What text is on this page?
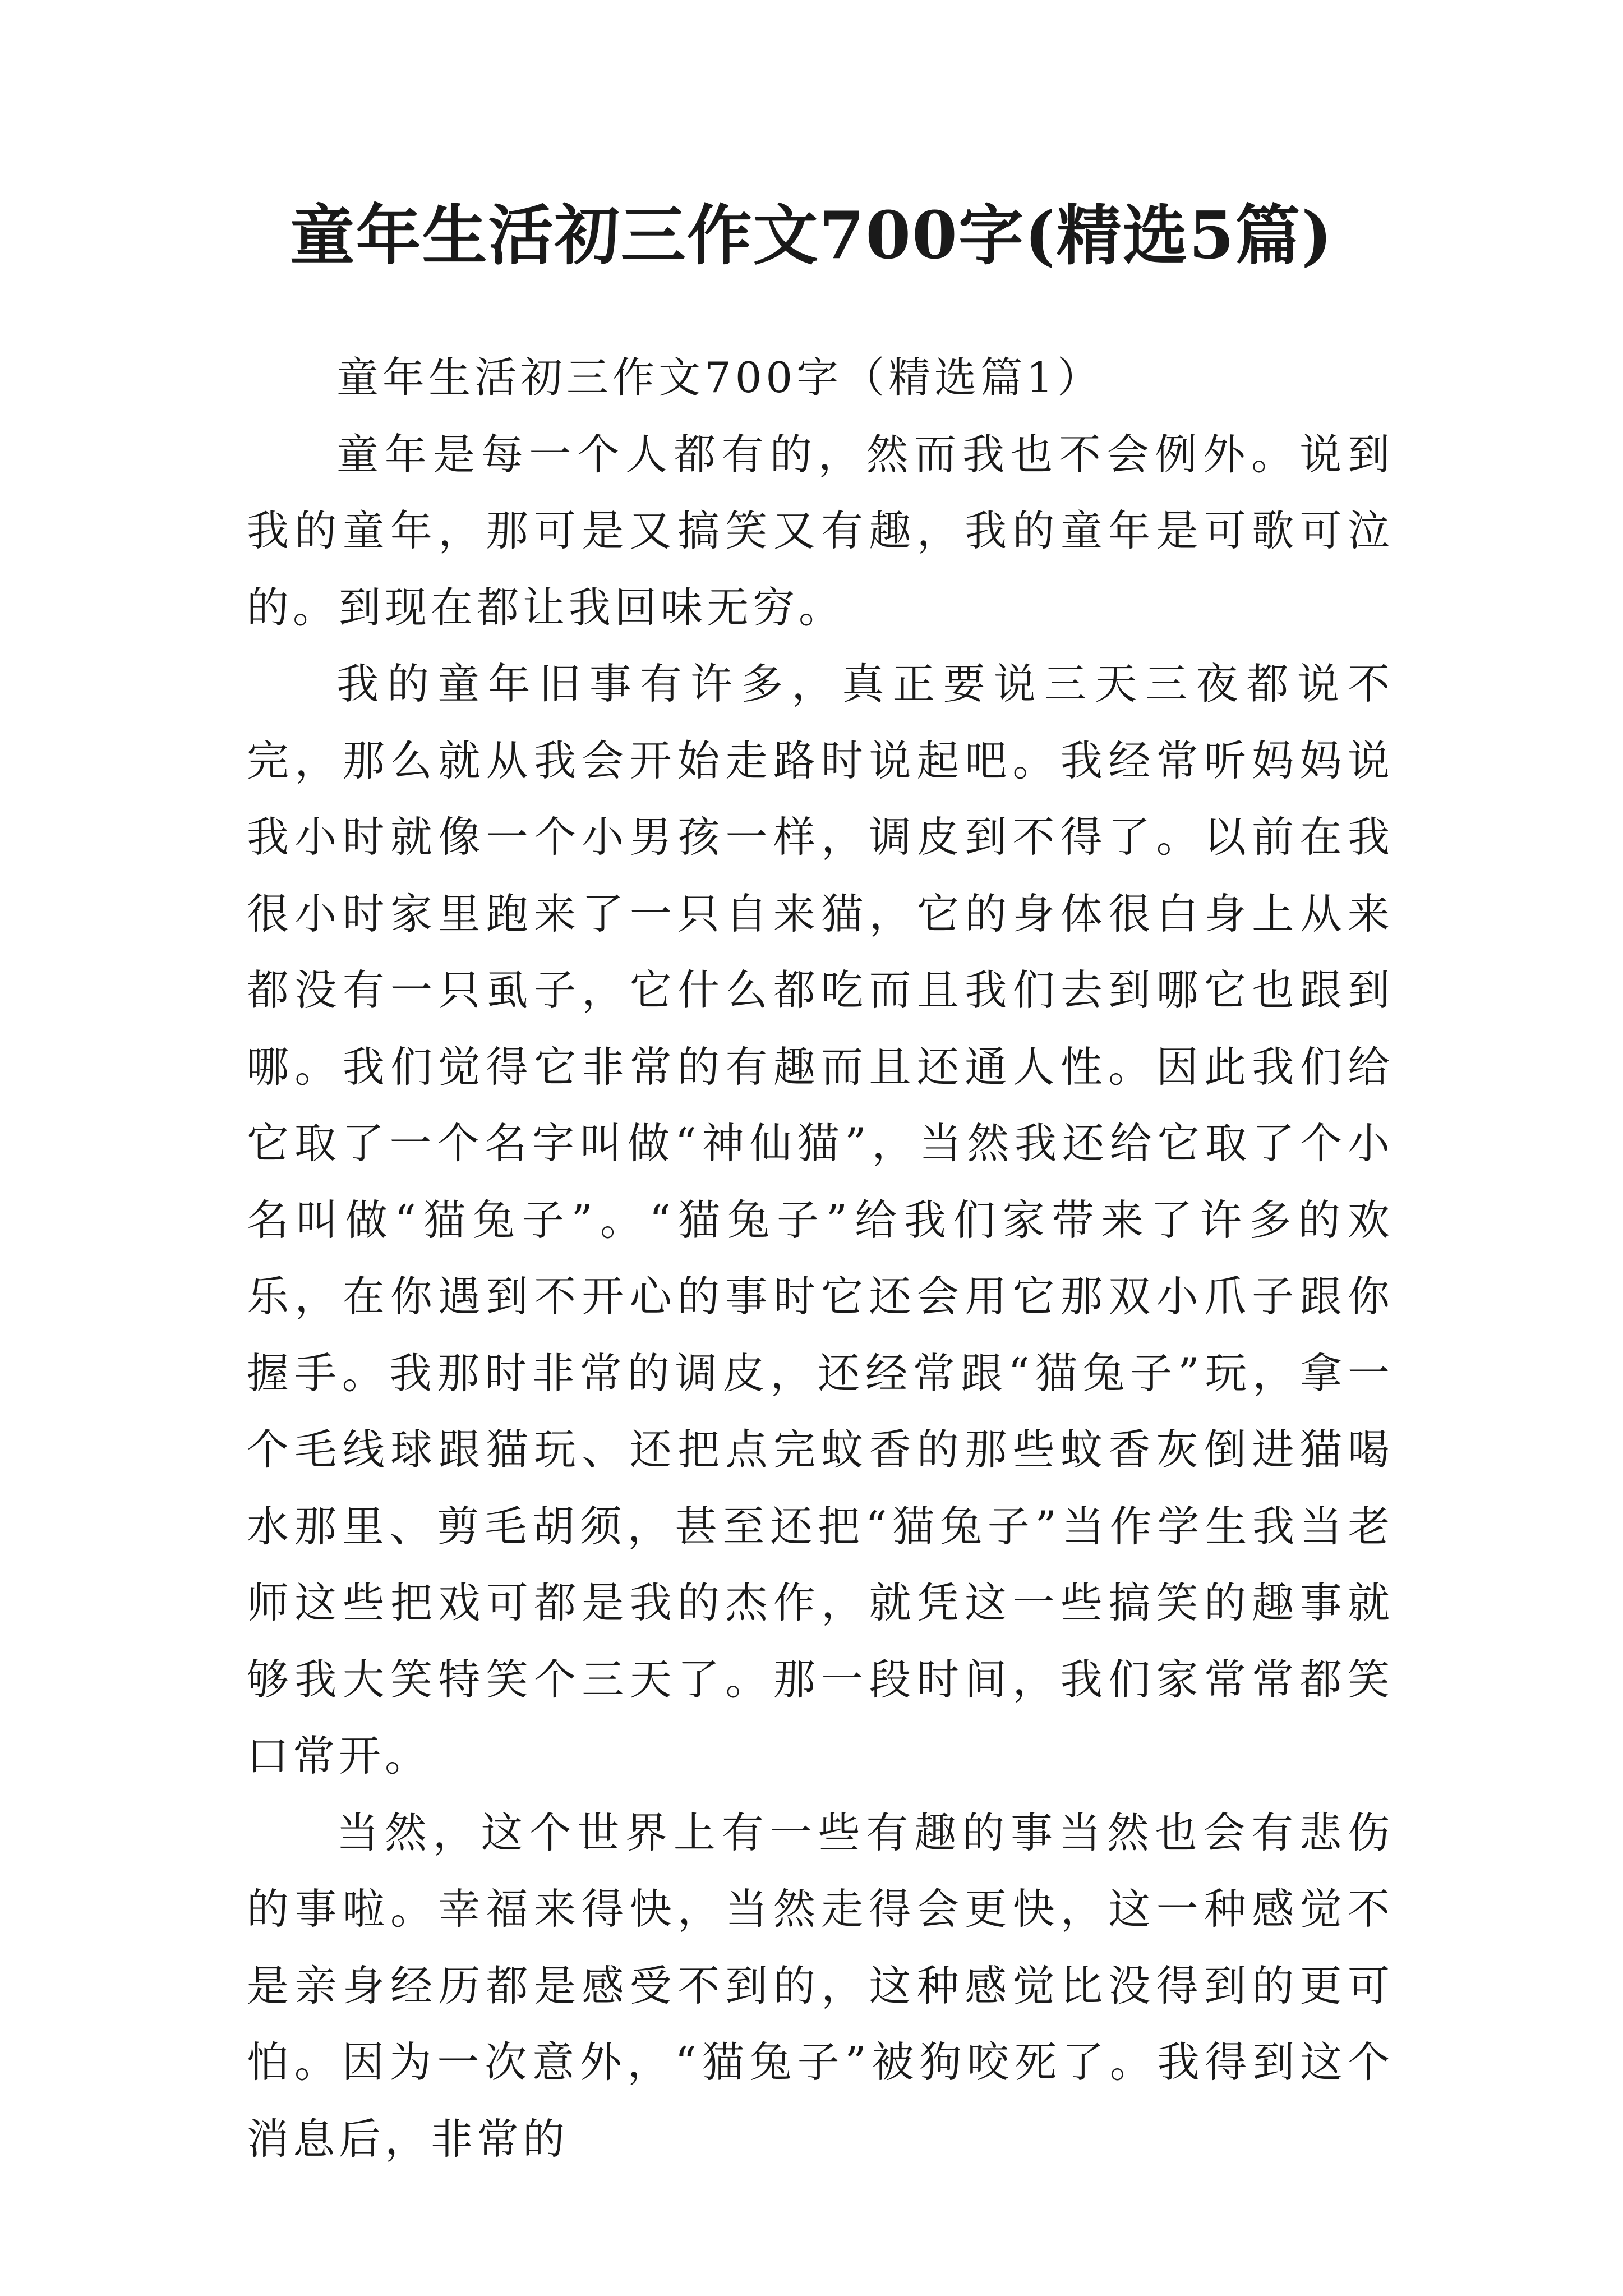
童年生活初三作文700字(精选5篇)

童年生活初三作文700字（精选篇1）

童年是每一个人都有的，然而我也不会例外。说到我的童年，那可是又搞笑又有趣，我的童年是可歌可泣的。到现在都让我回味无穷。

我的童年旧事有许多，真正要说三天三夜都说不完，那么就从我会开始走路时说起吧。我经常听妈妈说我小时就像一个小男孩一样，调皮到不得了。以前在我很小时家里跑来了一只自来猫，它的身体很白身上从来都没有一只虱子，它什么都吃而且我们去到哪它也跟到哪。我们觉得它非常的有趣而且还通人性。因此我们给它取了一个名字叫做“神仙猫”，当然我还给它取了个小名叫做“猫兔子”。“猫兔子”给我们家带来了许多的欢乐，在你遇到不开心的事时它还会用它那双小爪子跟你握手。我那时非常的调皮，还经常跟“猫兔子”玩，拿一个毛线球跟猫玩、还把点完蚊香的那些蚊香灰倒进猫喝水那里、剪毛胡须，甚至还把“猫兔子”当作学生我当老师这些把戏可都是我的杰作，就凭这一些搞笑的趣事就够我大笑特笑个三天了。那一段时间，我们家常常都笑口常开。

当然，这个世界上有一些有趣的事当然也会有悲伤的事啦。幸福来得快，当然走得会更快，这一种感觉不是亲身经历都是感受不到的，这种感觉比没得到的更可怕。因为一次意外，“猫兔子”被狗咬死了。我得到这个消息后，非常的
